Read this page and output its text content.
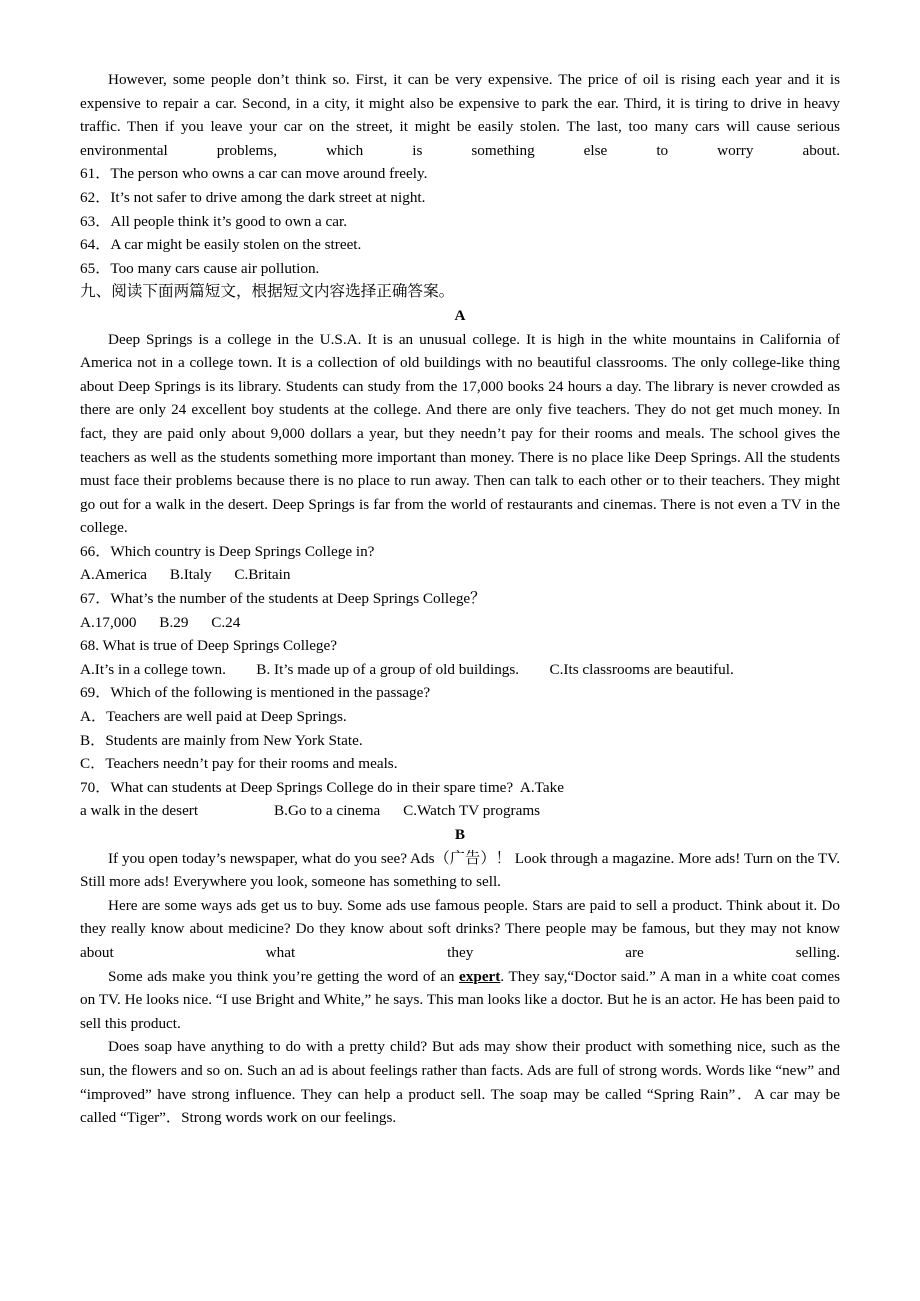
However, some people don’t think so. First, it can be very expensive. The price of oil is rising each year and it is expensive to repair a car. Second, in a city, it might also be expensive to park the ear. Third, it is tiring to drive in heavy traffic. Then if you leave your car on the street, it might be easily stolen. The last, too many cars will cause serious environmental problems, which is something else to worry about.

61．The person who owns a car can move around freely.

62．It’s not safer to drive among the dark street at night.

63．All people think it’s good to own a car.

64．A car might be easily stolen on the street.

65．Too many cars cause air pollution.

九、阅读下面两篇短文，根据短文内容选择正确答案。

A

Deep Springs is a college in the U.S.A. It is an unusual college. It is high in the white mountains in California of America not in a college town. It is a collection of old buildings with no beautiful classrooms. The only college-like thing about Deep Springs is its library. Students can study from the 17,000 books 24 hours a day. The library is never crowded as there are only 24 excellent boy students at the college. And there are only five teachers. They do not get much money. In fact, they are paid only about 9,000 dollars a year, but they needn’t pay for their rooms and meals. The school gives the teachers as well as the students something more important than money. There is no place like Deep Springs. All the students must face their problems because there is no place to run away. Then can talk to each other or to their teachers. They might go out for a walk in the desert. Deep Springs is far from the world of restaurants and cinemas. There is not even a TV in the college.

66．Which country is Deep Springs College in?

A.America      B.Italy      C.Britain

67．What’s the number of the students at Deep Springs College？

A.17,000      B.29      C.24

68. What is true of Deep Springs College?

A.It’s in a college town.        B. It’s made up of a group of old buildings.        C.Its classrooms are beautiful.

69．Which of the following is mentioned in the passage?

A．Teachers are well paid at Deep Springs.

B．Students are mainly from New York State.

C．Teachers needn’t pay for their rooms and meals.

70．What can students at Deep Springs College do in their spare time?  A.Take

a walk in the desert                    B.Go to a cinema      C.Watch TV programs

B

If you open today’s newspaper, what do you see? Ads（广告）！ Look through a magazine. More ads! Turn on the TV. Still more ads! Everywhere you look, someone has something to sell.

Here are some ways ads get us to buy. Some ads use famous people. Stars are paid to sell a product. Think about it. Do they really know about medicine? Do they know about soft drinks? There people may be famous, but they may not know about what they are selling.

Some ads make you think you’re getting the word of an expert. They say,“Doctor said.” A man in a white coat comes on TV. He looks nice. “I use Bright and White,” he says. This man looks like a doctor. But he is an actor. He has been paid to sell this product.

Does soap have anything to do with a pretty child? But ads may show their product with something nice, such as the sun, the flowers and so on. Such an ad is about feelings rather than facts. Ads are full of strong words. Words like “new” and “improved” have strong influence. They can help a product sell. The soap may be called “Spring Rain”．A car may be called “Tiger”．Strong words work on our feelings.
